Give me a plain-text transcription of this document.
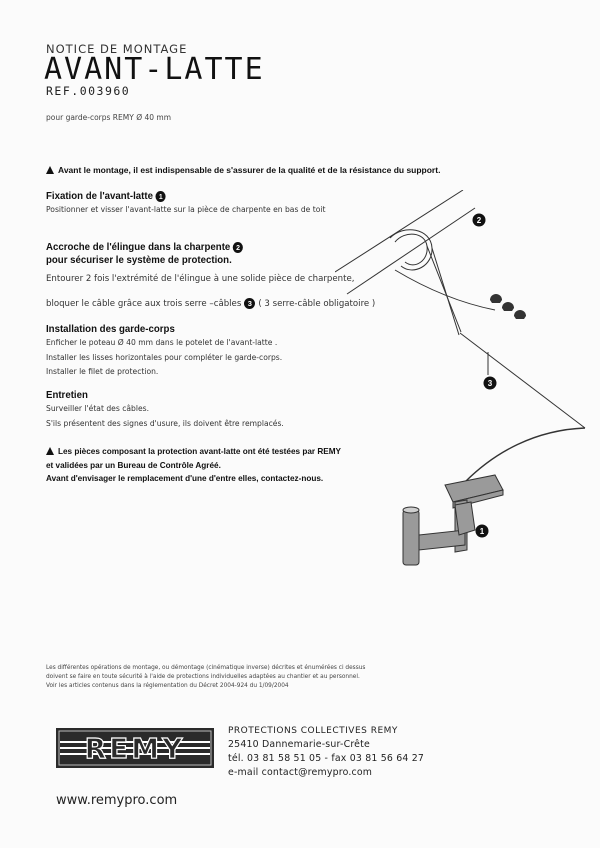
NOTICE DE MONTAGE
AVANT-LATTE
REF.003960
pour garde-corps REMY Ø 40 mm
Avant le montage, il est indispensable de s'assurer de la qualité et de la résistance du support.
Fixation de l'avant-latte 1
Positionner et visser l'avant-latte sur la pièce de charpente en bas de toit
Accroche de l'élingue dans la charpente 2
pour sécuriser le système de protection.
Entourer 2 fois l'extrémité de l'élingue à une solide pièce de charpente,
bloquer le câble grâce aux trois serre –câbles 3 ( 3 serre-câble obligatoire )
Installation des garde-corps
Enficher le poteau Ø 40 mm dans le potelet de l'avant-latte .
Installer les lisses horizontales pour compléter le garde-corps.
Installer le filet de protection.
Entretien
Surveiller l'état des câbles.
S'ils présentent des signes d'usure, ils doivent être remplacés.
Les pièces composant la protection avant-latte ont été testées par REMY
et validées par un Bureau de Contrôle Agréé.
Avant d'envisager le remplacement d'une d'entre elles, contactez-nous.
2
3
1
Les différentes opérations de montage, ou démontage (cinématique inverse) décrites et énumérées ci dessus
doivent se faire en toute sécurité à l'aide de protections individuelles adaptées au chantier et au personnel.
Voir les articles contenus dans la réglementation du Décret 2004-924 du 1/09/2004
REMY
PROTECTIONS COLLECTIVES REMY
25410 Dannemarie-sur-Crête
tél. 03 81 58 51 05 - fax 03 81 56 64 27
e-mail contact@remypro.com
www.remypro.com
